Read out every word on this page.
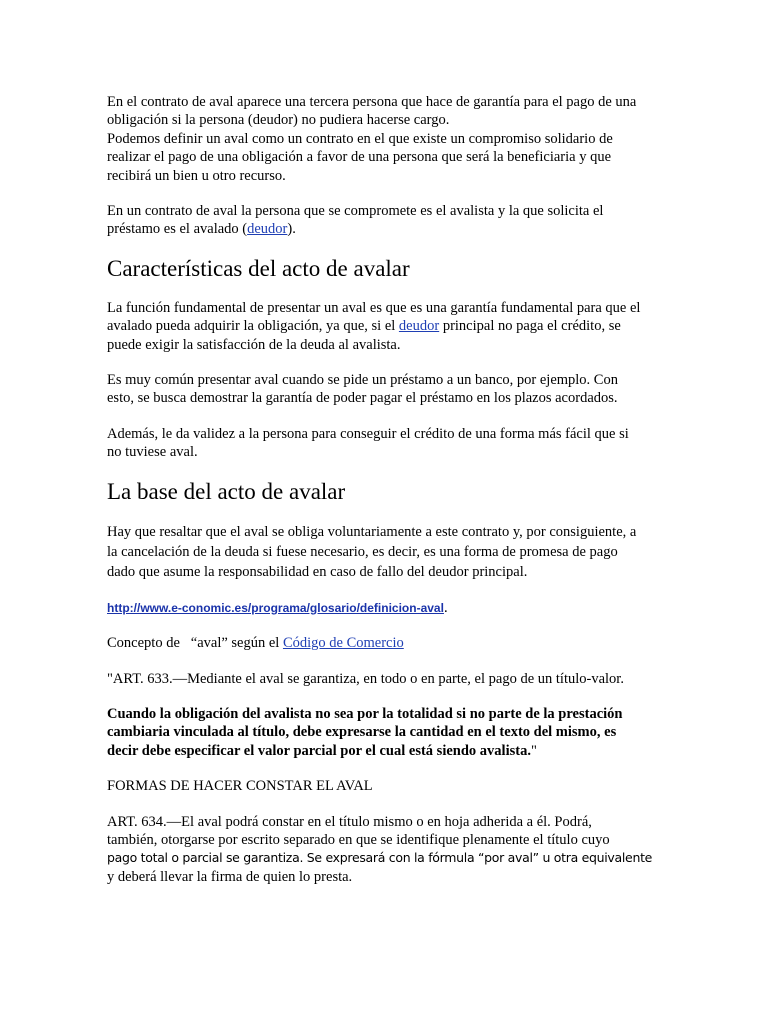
En el contrato de aval aparece una tercera persona que hace de garantía para el pago de una
obligación si la persona (deudor) no pudiera hacerse cargo.
Podemos definir un aval como un contrato en el que existe un compromiso solidario de
realizar el pago de una obligación a favor de una persona que será la beneficiaria y que
recibirá un bien u otro recurso.

En un contrato de aval la persona que se compromete es el avalista y la que solicita el
préstamo es el avalado (deudor).

Características del acto de avalar

La función fundamental de presentar un aval es que es una garantía fundamental para que el
avalado pueda adquirir la obligación, ya que, si el deudor principal no paga el crédito, se
puede exigir la satisfacción de la deuda al avalista.

Es muy común presentar aval cuando se pide un préstamo a un banco, por ejemplo. Con
esto, se busca demostrar la garantía de poder pagar el préstamo en los plazos acordados.

Además, le da validez a la persona para conseguir el crédito de una forma más fácil que si
no tuviese aval.

La base del acto de avalar

Hay que resaltar que el aval se obliga voluntariamente a este contrato y, por consiguiente, a
la cancelación de la deuda si fuese necesario, es decir, es una forma de promesa de pago
dado que asume la responsabilidad en caso de fallo del deudor principal.

http://www.e-conomic.es/programa/glosario/definicion-aval.

Concepto de   “aval” según el Código de Comercio

"ART. 633.—Mediante el aval se garantiza, en todo o en parte, el pago de un título-valor.

Cuando la obligación del avalista no sea por la totalidad si no parte de la prestación
cambiaria vinculada al título, debe expresarse la cantidad en el texto del mismo, es
decir debe especificar el valor parcial por el cual está siendo avalista."

FORMAS DE HACER CONSTAR EL AVAL

ART. 634.—El aval podrá constar en el título mismo o en hoja adherida a él. Podrá,
también, otorgarse por escrito separado en que se identifique plenamente el título cuyo
pago total o parcial se garantiza. Se expresará con la fórmula “por aval” u otra equivalente
y deberá llevar la firma de quien lo presta.
